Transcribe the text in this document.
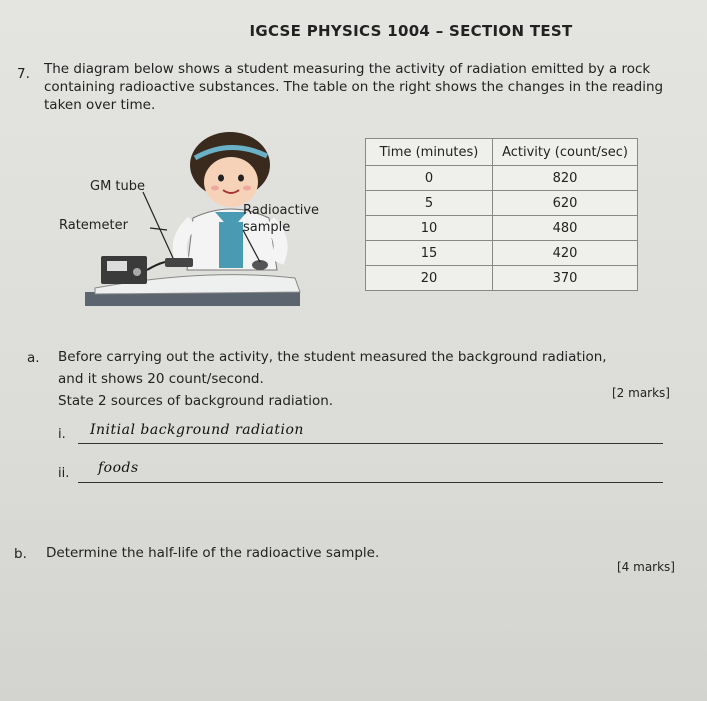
IGCSE PHYSICS 1004 – SECTION TEST
7. The diagram below shows a student measuring the activity of radiation emitted by a rock containing radioactive substances. The table on the right shows the changes in the reading taken over time.
GM tube
Ratemeter
Radioactive
sample
Time (minutes)	Activity (count/sec)
0	820
5	620
10	480
15	420
20	370
a. Before carrying out the activity, the student measured the background radiation,
and it shows 20 count/second.
State 2 sources of background radiation.	[2 marks]
i. Initial background radiation
ii. foods
b. Determine the half-life of the radioactive sample.
[4 marks]
